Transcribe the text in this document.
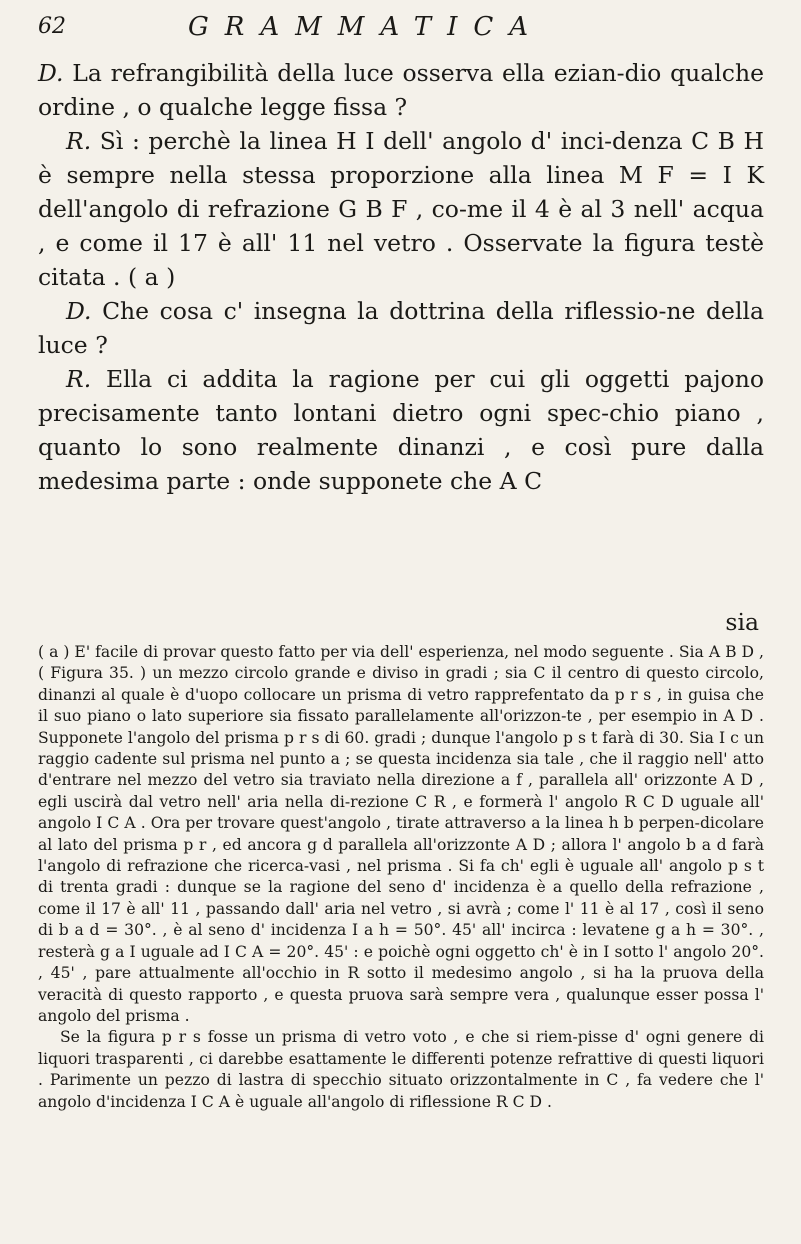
62	GRAMMATICA

D. La refrangibilità della luce osserva ella ezian-dio qualche ordine , o qualche legge fissa ?

R. Sì : perchè la linea H I dell' angolo d' inci-denza C B H è sempre nella stessa proporzione alla linea M F = I K dell'angolo di refrazione G B F , co-me il 4 è al 3 nell' acqua , e come il 17 è all' 11 nel vetro . Osservate la figura testè citata . ( a )

D. Che cosa c' insegna la dottrina della riflessio-ne della luce ?

R. Ella ci addita la ragione per cui gli oggetti pajono precisamente tanto lontani dietro ogni spec-chio piano , quanto lo sono realmente dinanzi , e così pure dalla medesima parte : onde supponete che A C

sia

( a ) E' facile di provar questo fatto per via dell' esperienza, nel modo seguente . Sia A B D , ( Figura 35. ) un mezzo circolo grande e diviso in gradi ; sia C il centro di questo circolo, dinanzi al quale è d'uopo collocare un prisma di vetro rapprefentato da p r s , in guisa che il suo piano o lato superiore sia fissato parallelamente all'orizzon-te , per esempio in A D . Supponete l'angolo del prisma p r s di 60. gradi ; dunque l'angolo p s t farà di 30. Sia I c un raggio cadente sul prisma nel punto a ; se questa incidenza sia tale , che il raggio nell' atto d'entrare nel mezzo del vetro sia traviato nella direzione a f , parallela all' orizzonte A D , egli uscirà dal vetro nell' aria nella di-rezione C R , e formerà l' angolo R C D uguale all' angolo I C A . Ora per trovare quest'angolo , tirate attraverso a la linea h b perpen-dicolare al lato del prisma p r , ed ancora g d parallela all'orizzonte A D ; allora l' angolo b a d farà l'angolo di refrazione che ricerca-vasi , nel prisma . Si fa ch' egli è uguale all' angolo p s t di trenta gradi : dunque se la ragione del seno d' incidenza è a quello della refrazione , come il 17 è all' 11 , passando dall' aria nel vetro , si avrà ; come l' 11 è al 17 , così il seno di b a d = 30°. , è al seno d' incidenza I a h = 50°. 45' all' incirca : levatene g a h = 30°. , resterà g a I uguale ad I C A = 20°. 45' : e poichè ogni oggetto ch' è in I sotto l' angolo 20°. , 45' , pare attualmente all'occhio in R sotto il medesimo angolo , si ha la pruova della veracità di questo rapporto , e questa pruova sarà sempre vera , qualunque esser possa l' angolo del prisma .

Se la figura p r s fosse un prisma di vetro voto , e che si riem-pisse d' ogni genere di liquori trasparenti , ci darebbe esattamente le differenti potenze refrattive di questi liquori . Parimente un pezzo di lastra di specchio situato orizzontalmente in C , fa vedere che l' angolo d'incidenza I C A è uguale all'angolo di riflessione R C D .
